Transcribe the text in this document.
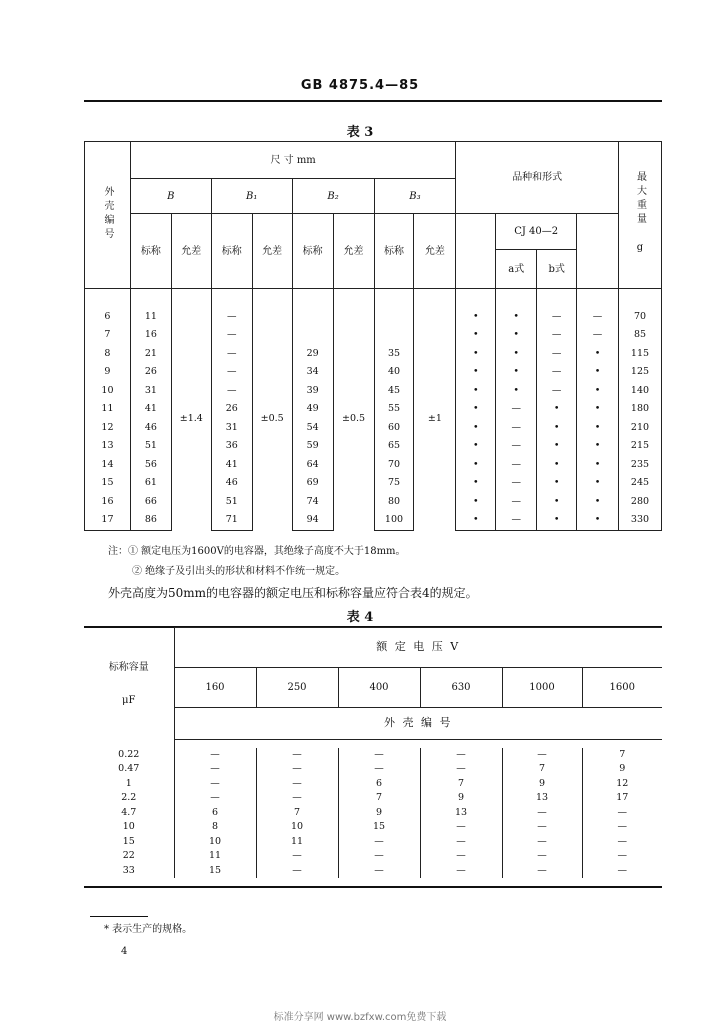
GB 4875.4—85
表 3
外壳编号	尺 寸 mm								品种和形式				最大重量 g
	B		B₁		B₂		B₃						
	标称	允差	标称	允差	标称	允差	标称	允差		CJ 40—2			
										a式	b式		

6	11	±1.4	—	±0.5		±0.5		±1	•	•	—	—	70
7	16		—						•	•	—	—	85
8	21		—		29		35		•	•	—	•	115
9	26		—		34		40		•	•	—	•	125
10	31		—		39		45		•	•	—	•	140
11	41		26		49		55		•	—	•	•	180
12	46		31		54		60		•	—	•	•	210
13	51		36		59		65		•	—	•	•	215
14	56		41		64		70		•	—	•	•	235
15	61		46		69		75		•	—	•	•	245
16	66		51		74		80		•	—	•	•	280
17	86		71		94		100		•	—	•	•	330
注：① 额定电压为1600V的电容器，其绝缘子高度不大于18mm。
② 绝缘子及引出头的形状和材料不作统一规定。
外壳高度为50mm的电容器的额定电压和标称容量应符合表4的规定。
表 4
标称容量
μF	额 定 电 压 V					
	160	250	400	630	1000	1600
	外 壳 编 号					

0.22	—	—	—	—	—	7
0.47	—	—	—	—	7	9
1	—	—	6	7	9	12
2.2	—	—	7	9	13	17
4.7	6	7	9	13	—	—
10	8	10	15	—	—	—
15	10	11	—	—	—	—
22	11	—	—	—	—	—
33	15	—	—	—	—	—
* 表示生产的规格。
4
标准分享网 www.bzfxw.com免费下载
